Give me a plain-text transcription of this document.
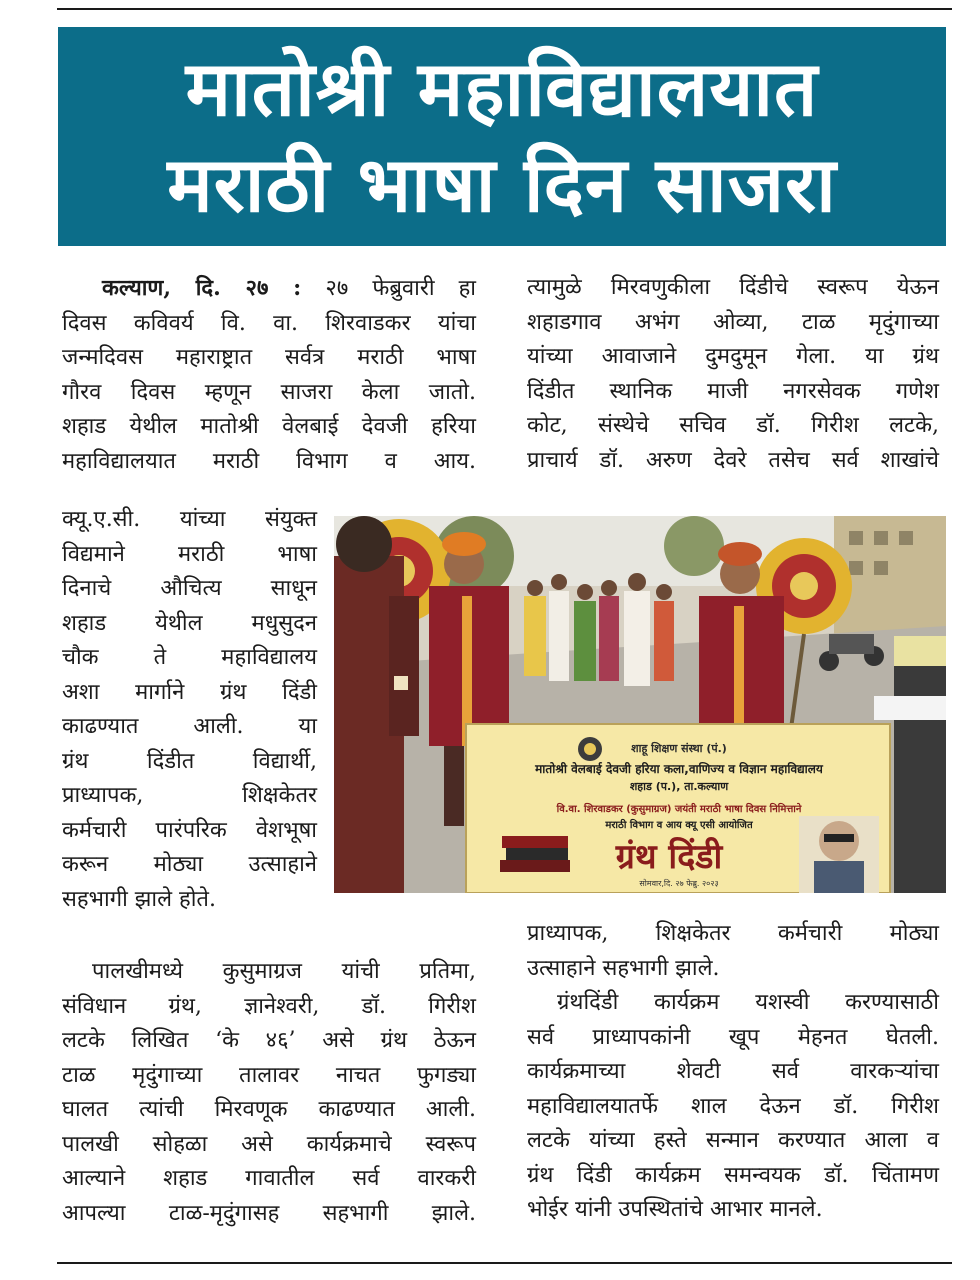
मातोश्री महाविद्यालयात
मराठी भाषा दिन साजरा

कल्याण, दि. २७ : २७ फेब्रुवारी हा

दिवस कविवर्य वि. वा. शिरवाडकर यांचा

जन्मदिवस महाराष्ट्रात सर्वत्र मराठी भाषा

गौरव दिवस म्हणून साजरा केला जातो.

शहाड येथील मातोश्री वेलबाई देवजी हरिया

महाविद्यालयात मराठी विभाग व आय.

क्यू.ए.सी. यांच्या संयुक्त

विद्यमाने मराठी भाषा

दिनाचे औचित्य साधून

शहाड येथील मधुसुदन

चौक ते महाविद्यालय

अशा मार्गाने ग्रंथ दिंडी

काढण्यात आली. या

ग्रंथ दिंडीत विद्यार्थी,

प्राध्यापक, शिक्षकेतर

कर्मचारी पारंपरिक वेशभूषा

करून मोठ्या उत्साहाने

सहभागी झाले होते.

पालखीमध्ये कुसुमाग्रज यांची प्रतिमा,

संविधान ग्रंथ, ज्ञानेश्वरी, डॉ. गिरीश

लटके लिखित ‘के ४६’ असे ग्रंथ ठेऊन

टाळ मृदुंगाच्या तालावर नाचत फुगड्या

घालत त्यांची मिरवणूक काढण्यात आली.

पालखी सोहळा असे कार्यक्रमाचे स्वरूप

आल्याने शहाड गावातील सर्व वारकरी

आपल्या टाळ-मृदुंगासह सहभागी झाले.

त्यामुळे मिरवणुकीला दिंडीचे स्वरूप येऊन

शहाडगाव अभंग ओव्या, टाळ मृदुंगाच्या

यांच्या आवाजाने दुमदुमून गेला. या ग्रंथ

दिंडीत स्थानिक माजी नगरसेवक गणेश

कोट, संस्थेचे सचिव डॉ. गिरीश लटके,

प्राचार्य डॉ. अरुण देवरे तसेच सर्व शाखांचे

प्राध्यापक, शिक्षकेतर कर्मचारी मोठ्या

उत्साहाने सहभागी झाले.

ग्रंथदिंडी कार्यक्रम यशस्वी करण्यासाठी

सर्व प्राध्यापकांनी खूप मेहनत घेतली.

कार्यक्रमाच्या शेवटी सर्व वारकऱ्यांचा

महाविद्यालयातर्फे शाल देऊन डॉ. गिरीश

लटके यांच्या हस्ते सन्मान करण्यात आला व

ग्रंथ दिंडी कार्यक्रम समन्वयक डॉ. चिंतामण

भोईर यांनी उपस्थितांचे आभार मानले.

शाहू शिक्षण संस्था (पं.)
मातोश्री वेलबाई देवजी हरिया कला,वाणिज्य व विज्ञान महाविद्यालय
शहाड (प.), ता.कल्याण
वि.वा. शिरवाडकर (कुसुमाग्रज) जयंती मराठी भाषा दिवस निमित्ताने
मराठी विभाग व आय क्यू एसी आयोजित
ग्रंथ दिंडी
सोमवार,दि. २७ फेब्रु. २०२३
